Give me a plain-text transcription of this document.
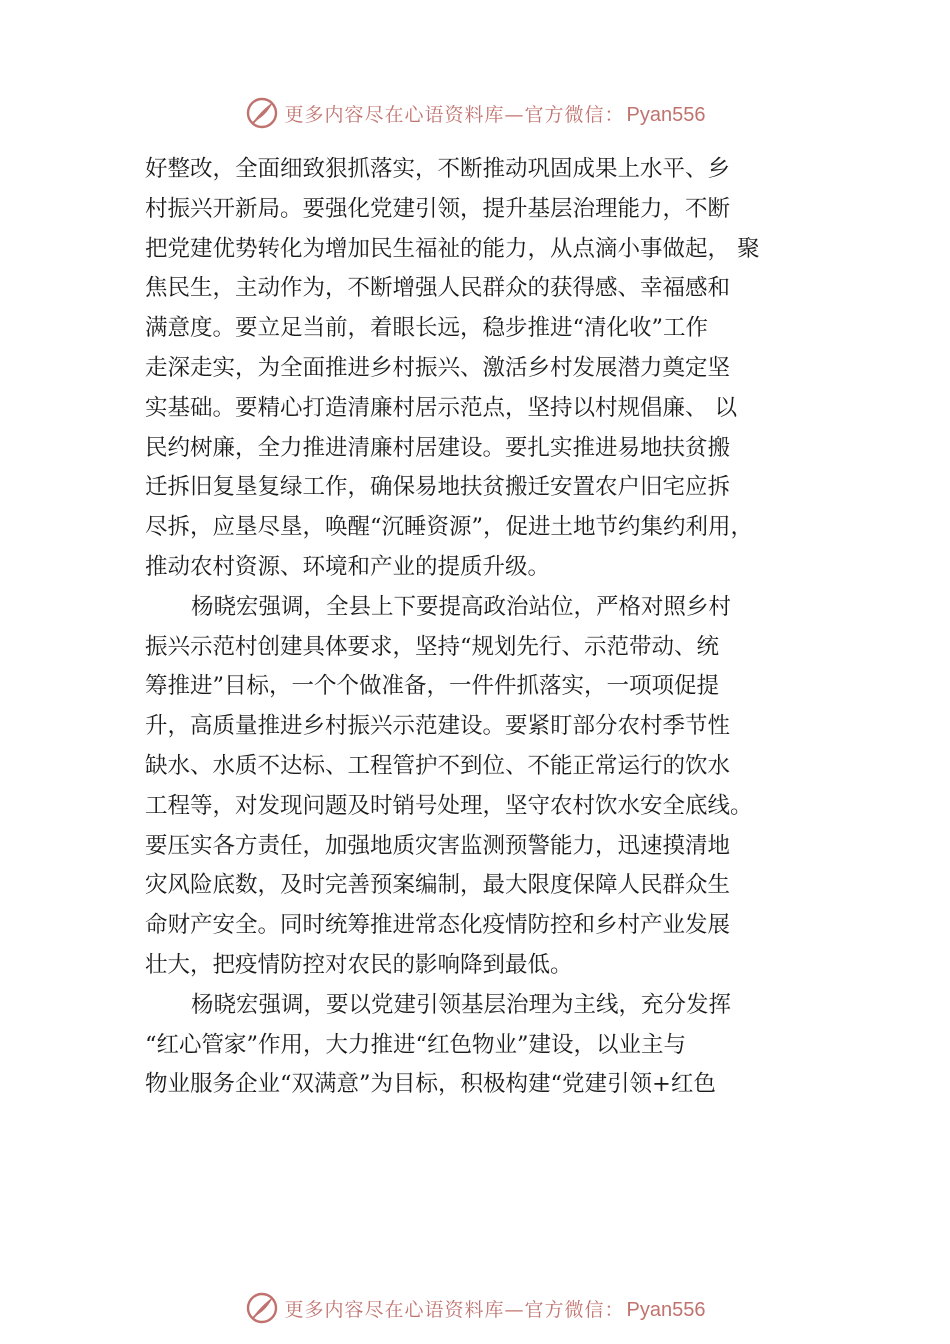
更多内容尽在心语资料库—官方微信： Pyan556

好整改，全面细致狠抓落实，不断推动巩固成果上水平、乡
村振兴开新局。要强化党建引领，提升基层治理能力，不断
把党建优势转化为增加民生福祉的能力，从点滴小事做起， 聚
焦民生，主动作为，不断增强人民群众的获得感、幸福感和
满意度。要立足当前，着眼长远，稳步推进“清化收”工作
走深走实，为全面推进乡村振兴、激活乡村发展潜力奠定坚
实基础。要精心打造清廉村居示范点，坚持以村规倡廉、 以
民约树廉，全力推进清廉村居建设。要扎实推进易地扶贫搬
迁拆旧复垦复绿工作，确保易地扶贫搬迁安置农户旧宅应拆
尽拆，应垦尽垦，唤醒“沉睡资源”，促进土地节约集约利用，
推动农村资源、环境和产业的提质升级。

杨晓宏强调，全县上下要提高政治站位，严格对照乡村
振兴示范村创建具体要求，坚持“规划先行、示范带动、统
筹推进”目标，一个个做准备，一件件抓落实，一项项促提
升，高质量推进乡村振兴示范建设。要紧盯部分农村季节性
缺水、水质不达标、工程管护不到位、不能正常运行的饮水
工程等，对发现问题及时销号处理，坚守农村饮水安全底线。
要压实各方责任，加强地质灾害监测预警能力，迅速摸清地
灾风险底数，及时完善预案编制，最大限度保障人民群众生
命财产安全。同时统筹推进常态化疫情防控和乡村产业发展
壮大，把疫情防控对农民的影响降到最低。

杨晓宏强调，要以党建引领基层治理为主线，充分发挥
“红心管家”作用，大力推进“红色物业”建设，以业主与
物业服务企业“双满意”为目标，积极构建“党建引领+红色

更多内容尽在心语资料库—官方微信： Pyan556
